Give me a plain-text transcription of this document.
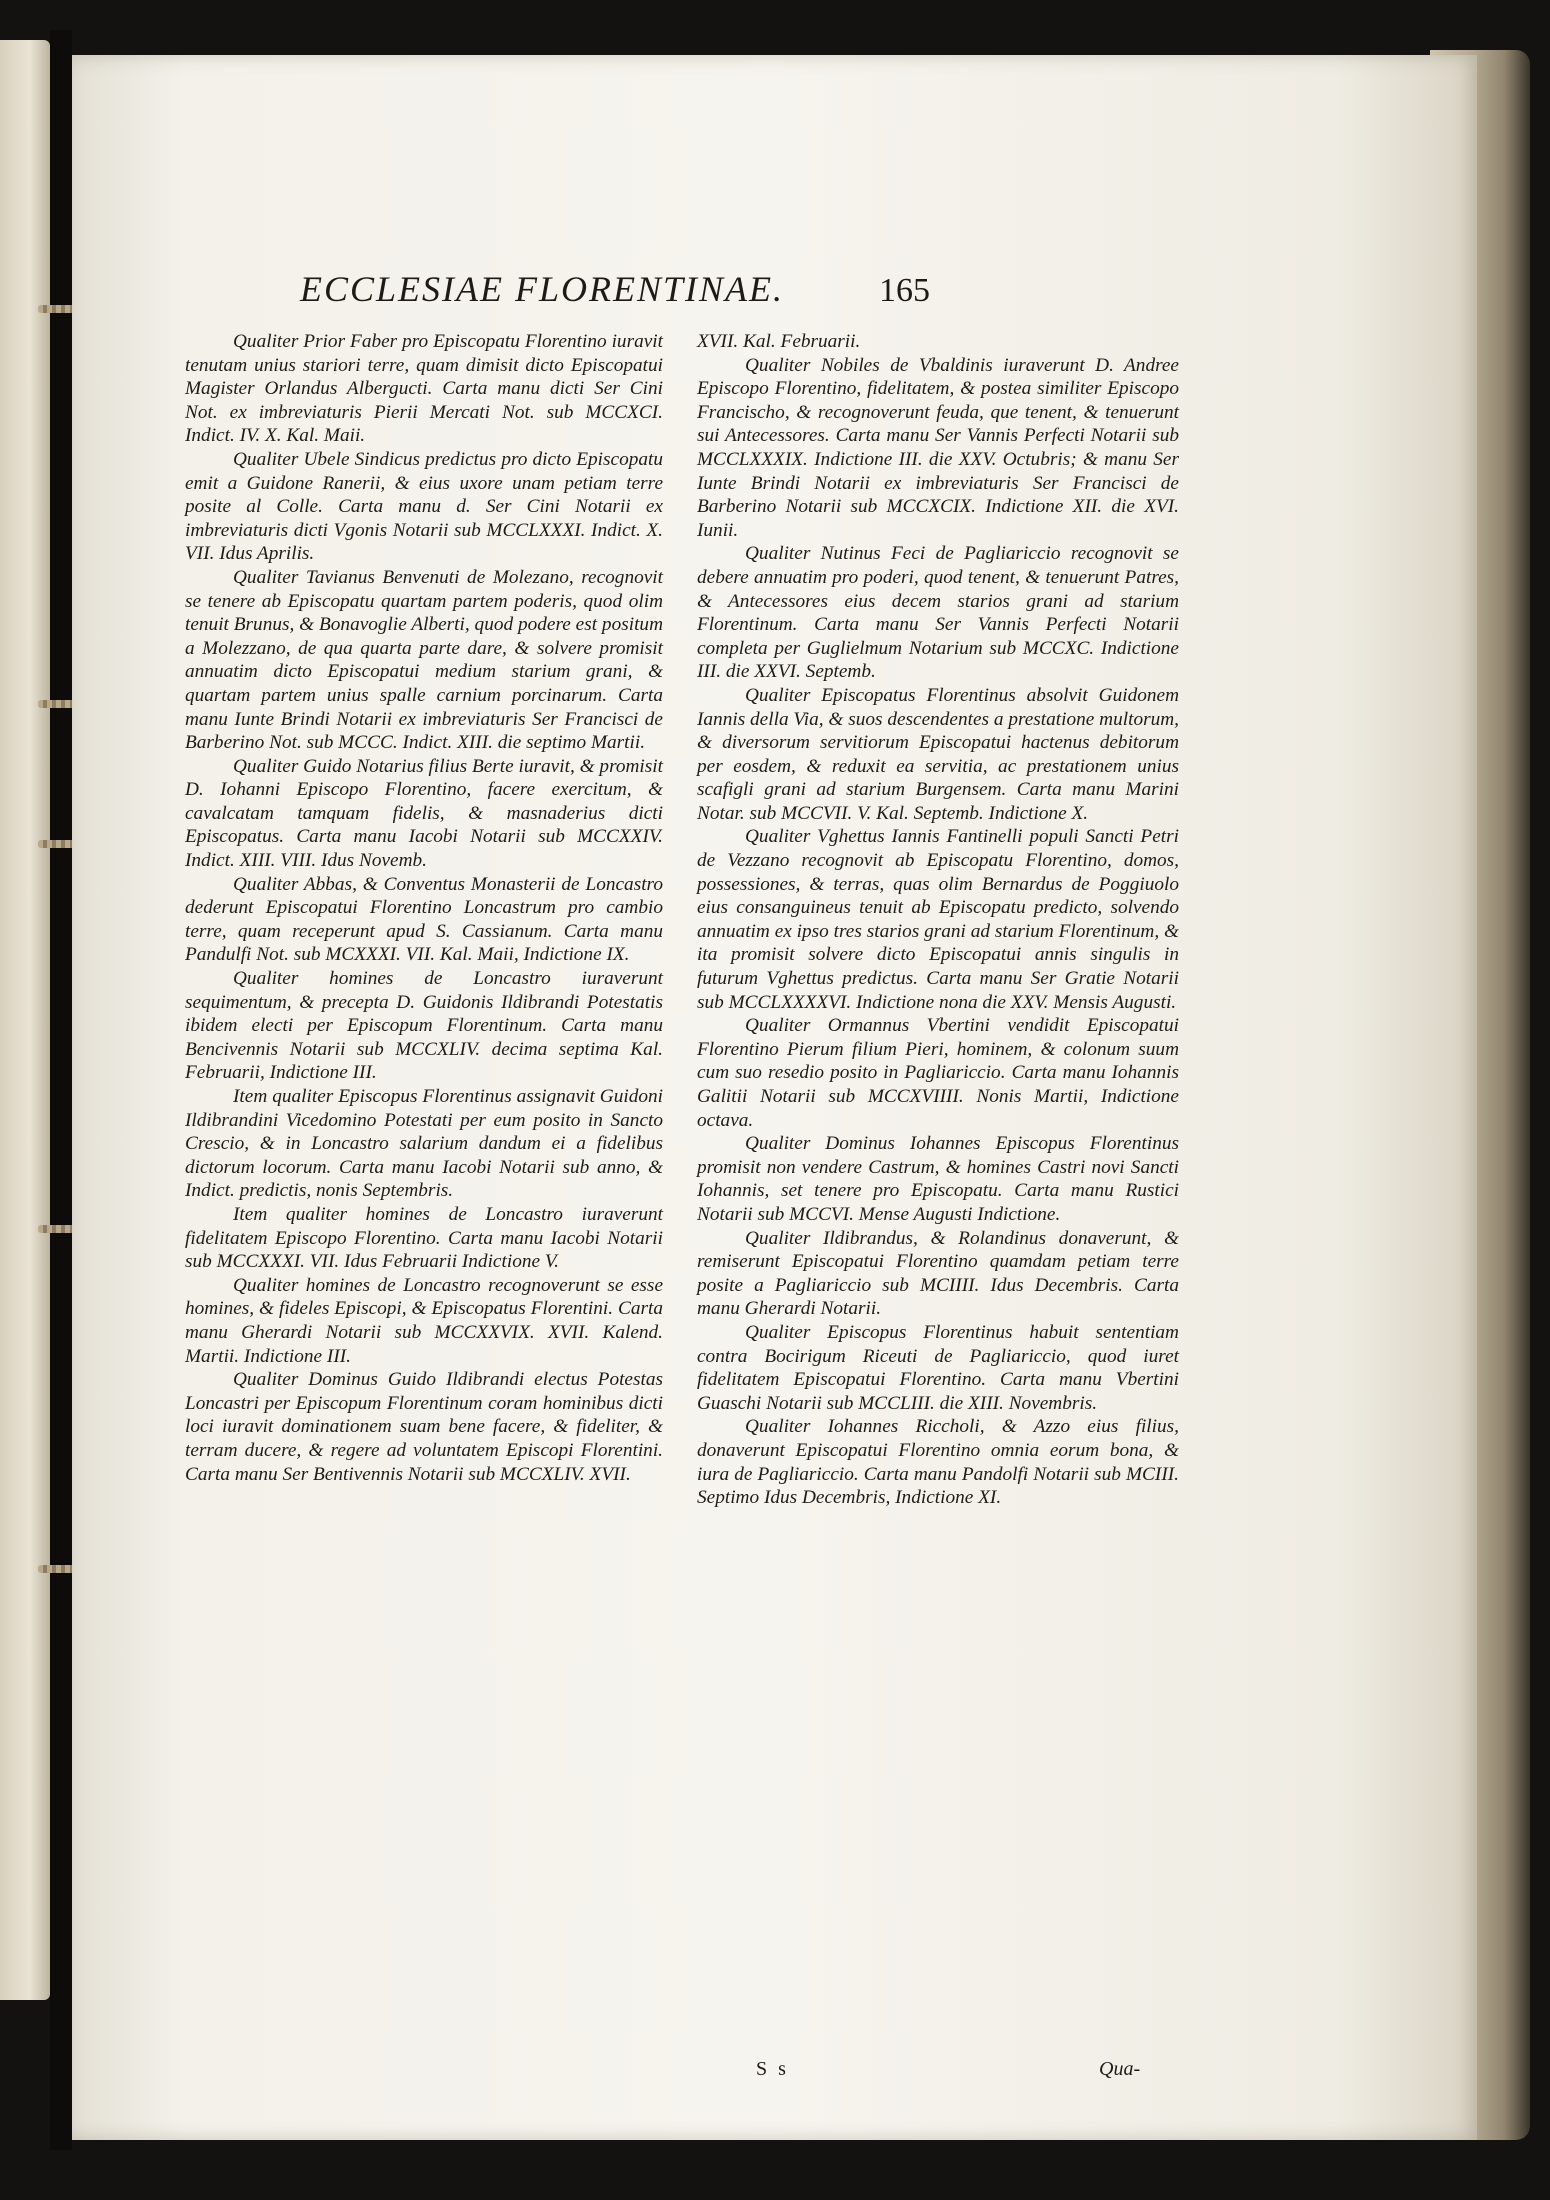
ECCLESIAE FLORENTINAE.	165

Qualiter Prior Faber pro Episcopatu Florentino iuravit tenutam unius stariori terre, quam dimisit dicto Episcopatui Magister Orlandus Albergucti. Carta manu dicti Ser Cini Not. ex imbreviaturis Pierii Mercati Not. sub MCCXCI. Indict. IV. X. Kal. Maii.

Qualiter Ubele Sindicus predictus pro dicto Episcopatu emit a Guidone Ranerii, & eius uxore unam petiam terre posite al Colle. Carta manu d. Ser Cini Notarii ex imbreviaturis dicti Vgonis Notarii sub MCCLXXXI. Indict. X. VII. Idus Aprilis.

Qualiter Tavianus Benvenuti de Molezano, recognovit se tenere ab Episcopatu quartam partem poderis, quod olim tenuit Brunus, & Bonavoglie Alberti, quod podere est positum a Molezzano, de qua quarta parte dare, & solvere promisit annuatim dicto Episcopatui medium starium grani, & quartam partem unius spalle carnium porcinarum. Carta manu Iunte Brindi Notarii ex imbreviaturis Ser Francisci de Barberino Not. sub MCCC. Indict. XIII. die septimo Martii.

Qualiter Guido Notarius filius Berte iuravit, & promisit D. Iohanni Episcopo Florentino, facere exercitum, & cavalcatam tamquam fidelis, & masnaderius dicti Episcopatus. Carta manu Iacobi Notarii sub MCCXXIV. Indict. XIII. VIII. Idus Novemb.

Qualiter Abbas, & Conventus Monasterii de Loncastro dederunt Episcopatui Florentino Loncastrum pro cambio terre, quam receperunt apud S. Cassianum. Carta manu Pandulfi Not. sub MCXXXI. VII. Kal. Maii, Indictione IX.

Qualiter homines de Loncastro iuraverunt sequimentum, & precepta D. Guidonis Ildibrandi Potestatis ibidem electi per Episcopum Florentinum. Carta manu Bencivennis Notarii sub MCCXLIV. decima septima Kal. Februarii, Indictione III.

Item qualiter Episcopus Florentinus assignavit Guidoni Ildibrandini Vicedomino Potestati per eum posito in Sancto Crescio, & in Loncastro salarium dandum ei a fidelibus dictorum locorum. Carta manu Iacobi Notarii sub anno, & Indict. predictis, nonis Septembris.

Item qualiter homines de Loncastro iuraverunt fidelitatem Episcopo Florentino. Carta manu Iacobi Notarii sub MCCXXXI. VII. Idus Februarii Indictione V.

Qualiter homines de Loncastro recognoverunt se esse homines, & fideles Episcopi, & Episcopatus Florentini. Carta manu Gherardi Notarii sub MCCXXVIX. XVII. Kalend. Martii. Indictione III.

Qualiter Dominus Guido Ildibrandi electus Potestas Loncastri per Episcopum Florentinum coram hominibus dicti loci iuravit dominationem suam bene facere, & fideliter, & terram ducere, & regere ad voluntatem Episcopi Florentini. Carta manu Ser Bentivennis Notarii sub MCCXLIV. XVII.

XVII. Kal. Februarii.

Qualiter Nobiles de Vbaldinis iuraverunt D. Andree Episcopo Florentino, fidelitatem, & postea similiter Episcopo Francischo, & recognoverunt feuda, que tenent, & tenuerunt sui Antecessores. Carta manu Ser Vannis Perfecti Notarii sub MCCLXXXIX. Indictione III. die XXV. Octubris; & manu Ser Iunte Brindi Notarii ex imbreviaturis Ser Francisci de Barberino Notarii sub MCCXCIX. Indictione XII. die XVI. Iunii.

Qualiter Nutinus Feci de Pagliariccio recognovit se debere annuatim pro poderi, quod tenent, & tenuerunt Patres, & Antecessores eius decem starios grani ad starium Florentinum. Carta manu Ser Vannis Perfecti Notarii completa per Guglielmum Notarium sub MCCXC. Indictione III. die XXVI. Septemb.

Qualiter Episcopatus Florentinus absolvit Guidonem Iannis della Via, & suos descendentes a prestatione multorum, & diversorum servitiorum Episcopatui hactenus debitorum per eosdem, & reduxit ea servitia, ac prestationem unius scafigli grani ad starium Burgensem. Carta manu Marini Notar. sub MCCVII. V. Kal. Septemb. Indictione X.

Qualiter Vghettus Iannis Fantinelli populi Sancti Petri de Vezzano recognovit ab Episcopatu Florentino, domos, possessiones, & terras, quas olim Bernardus de Poggiuolo eius consanguineus tenuit ab Episcopatu predicto, solvendo annuatim ex ipso tres starios grani ad starium Florentinum, & ita promisit solvere dicto Episcopatui annis singulis in futurum Vghettus predictus. Carta manu Ser Gratie Notarii sub MCCLXXXXVI. Indictione nona die XXV. Mensis Augusti.

Qualiter Ormannus Vbertini vendidit Episcopatui Florentino Pierum filium Pieri, hominem, & colonum suum cum suo resedio posito in Pagliariccio. Carta manu Iohannis Galitii Notarii sub MCCXVIIII. Nonis Martii, Indictione octava.

Qualiter Dominus Iohannes Episcopus Florentinus promisit non vendere Castrum, & homines Castri novi Sancti Iohannis, set tenere pro Episcopatu. Carta manu Rustici Notarii sub MCCVI. Mense Augusti Indictione.

Qualiter Ildibrandus, & Rolandinus donaverunt, & remiserunt Episcopatui Florentino quamdam petiam terre posite a Pagliariccio sub MCIIII. Idus Decembris. Carta manu Gherardi Notarii.

Qualiter Episcopus Florentinus habuit sententiam contra Bocirigum Riceuti de Pagliariccio, quod iuret fidelitatem Episcopatui Florentino. Carta manu Vbertini Guaschi Notarii sub MCCLIII. die XIII. Novembris.

Qualiter Iohannes Riccholi, & Azzo eius filius, donaverunt Episcopatui Florentino omnia eorum bona, & iura de Pagliariccio. Carta manu Pandolfi Notarii sub MCIII. Septimo Idus Decembris, Indictione XI.

S s	Qua-
